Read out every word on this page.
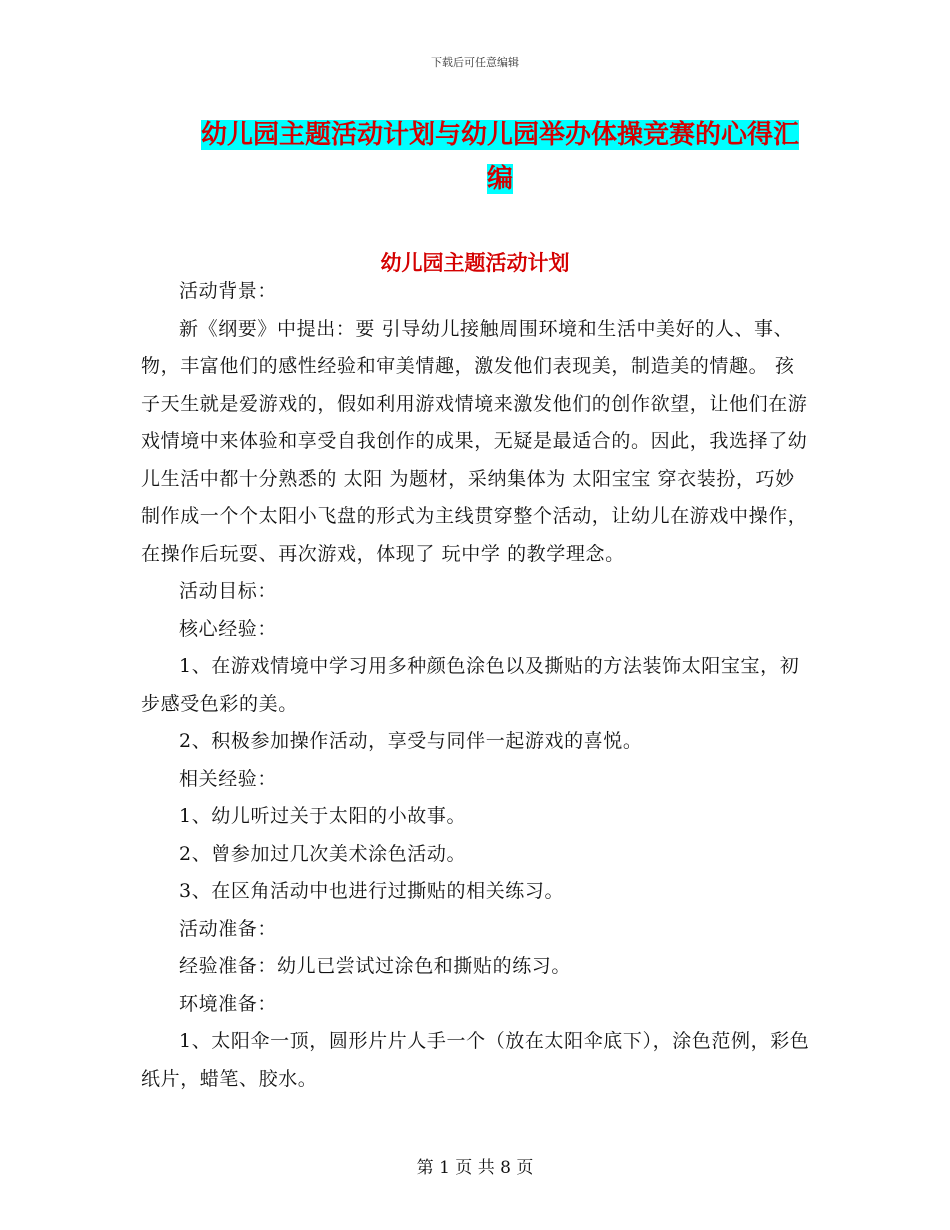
下载后可任意编辑
幼儿园主题活动计划与幼儿园举办体操竞赛的心得汇编
幼儿园主题活动计划

活动背景：

新《纲要》中提出：要 引导幼儿接触周围环境和生活中美好的人、事、物，丰富他们的感性经验和审美情趣，激发他们表现美，制造美的情趣。 孩子天生就是爱游戏的，假如利用游戏情境来激发他们的创作欲望，让他们在游戏情境中来体验和享受自我创作的成果，无疑是最适合的。因此，我选择了幼儿生活中都十分熟悉的 太阳 为题材，采纳集体为 太阳宝宝 穿衣装扮，巧妙制作成一个个太阳小飞盘的形式为主线贯穿整个活动，让幼儿在游戏中操作，在操作后玩耍、再次游戏，体现了 玩中学 的教学理念。

活动目标：

核心经验：

1、在游戏情境中学习用多种颜色涂色以及撕贴的方法装饰太阳宝宝，初步感受色彩的美。

2、积极参加操作活动，享受与同伴一起游戏的喜悦。

相关经验：

1、幼儿听过关于太阳的小故事。

2、曾参加过几次美术涂色活动。

3、在区角活动中也进行过撕贴的相关练习。

活动准备：

经验准备：幼儿已尝试过涂色和撕贴的练习。

环境准备：

1、太阳伞一顶，圆形片片人手一个（放在太阳伞底下），涂色范例，彩色纸片，蜡笔、胶水。

第 1 页 共 8 页
